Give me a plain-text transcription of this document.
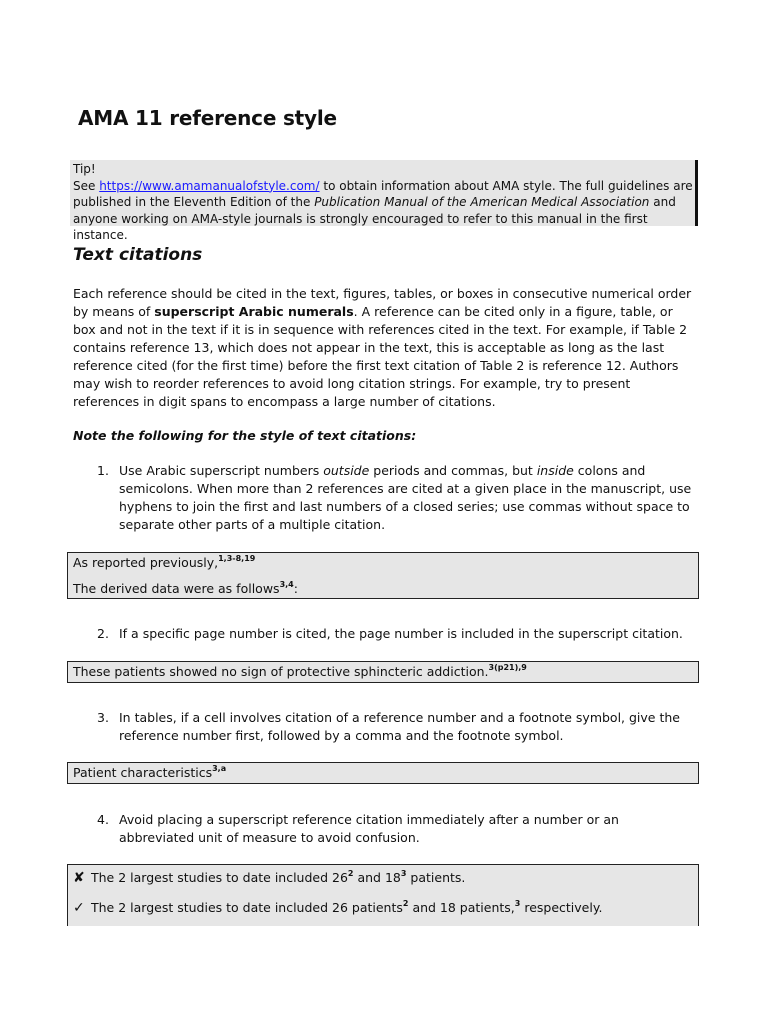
AMA 11 reference style
Tip!
See https://www.amamanualofstyle.com/ to obtain information about AMA style. The full guidelines are
published in the Eleventh Edition of the Publication Manual of the American Medical Association and
anyone working on AMA-style journals is strongly encouraged to refer to this manual in the first instance.
Text citations
Each reference should be cited in the text, figures, tables, or boxes in consecutive numerical order by means of superscript Arabic numerals. A reference can be cited only in a figure, table, or box and not in the text if it is in sequence with references cited in the text. For example, if Table 2 contains reference 13, which does not appear in the text, this is acceptable as long as the last reference cited (for the first time) before the first text citation of Table 2 is reference 12. Authors may wish to reorder references to avoid long citation strings. For example, try to present references in digit spans to encompass a large number of citations.
Note the following for the style of text citations:
1. Use Arabic superscript numbers outside periods and commas, but inside colons and semicolons. When more than 2 references are cited at a given place in the manuscript, use hyphens to join the first and last numbers of a closed series; use commas without space to separate other parts of a multiple citation.
As reported previously,$^{1,3-8,19}$
The derived data were as follows$^{3,4}$:
2. If a specific page number is cited, the page number is included in the superscript citation.
These patients showed no sign of protective sphincteric addiction.$^{3(p21),9}$
3. In tables, if a cell involves citation of a reference number and a footnote symbol, give the reference number first, followed by a comma and the footnote symbol.
Patient characteristics$^{3,a}$
4. Avoid placing a superscript reference citation immediately after a number or an abbreviated unit of measure to avoid confusion.
✘ The 2 largest studies to date included $26^2$ and $18^3$ patients.
✓ The 2 largest studies to date included 26 patients$^2$ and 18 patients,$^3$ respectively.
